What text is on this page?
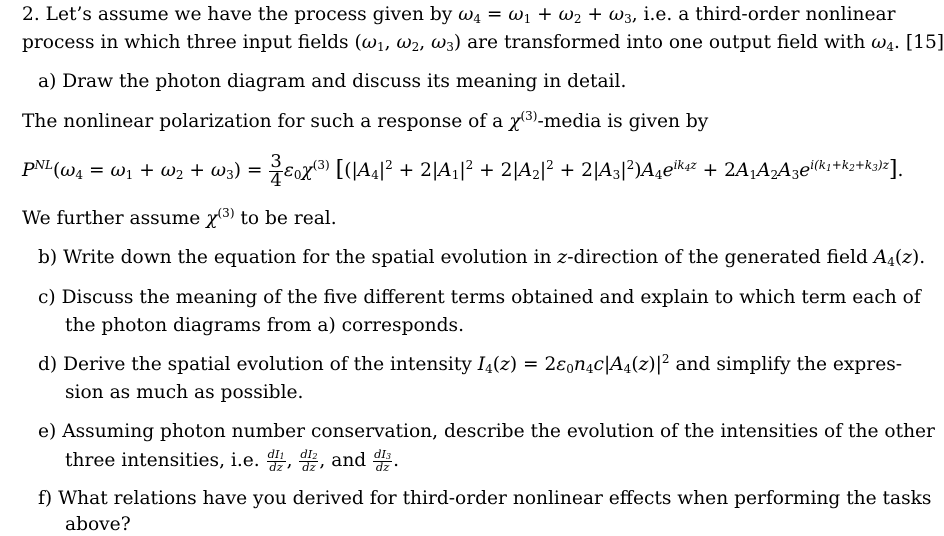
2. Let’s assume we have the process given by $\omega_4 = \omega_1 + \omega_2 + \omega_3$, i.e. a third-order nonlinear
process in which three input fields ($\omega_1$, $\omega_2$, $\omega_3$) are transformed into one output field with $\omega_4$. [15]
a) Draw the photon diagram and discuss its meaning in detail.
The nonlinear polarization for such a response of a $\chi^{(3)}$-media is given by
$P^{NL}(\omega_4 = \omega_1 + \omega_2 + \omega_3) = \frac{3}{4} \varepsilon_0\chi^{(3)}$ $[(|A_4|^2 + 2|A_1|^2 + 2|A_2|^2 + 2|A_3|^2)A_4e^{ik_4z} + 2A_1A_2A_3e^{i(k_1+k_2+k_3)z}]$.
We further assume $\chi^{(3)}$ to be real.
b) Write down the equation for the spatial evolution in z-direction of the generated field $A_4(z)$.
c) Discuss the meaning of the five different terms obtained and explain to which term each of
the photon diagrams from a) corresponds.
d) Derive the spatial evolution of the intensity $I_4(z) = 2\varepsilon_0n_4c|A_4(z)|^2$ and simplify the expres-
sion as much as possible.
e) Assuming photon number conservation, describe the evolution of the intensities of the other
three intensities, i.e. $\frac{dI_1}{dz}$ , $\frac{dI_2}{dz}$ , and $\frac{dI_3}{dz}$ .
f) What relations have you derived for third-order nonlinear effects when performing the tasks
above?
